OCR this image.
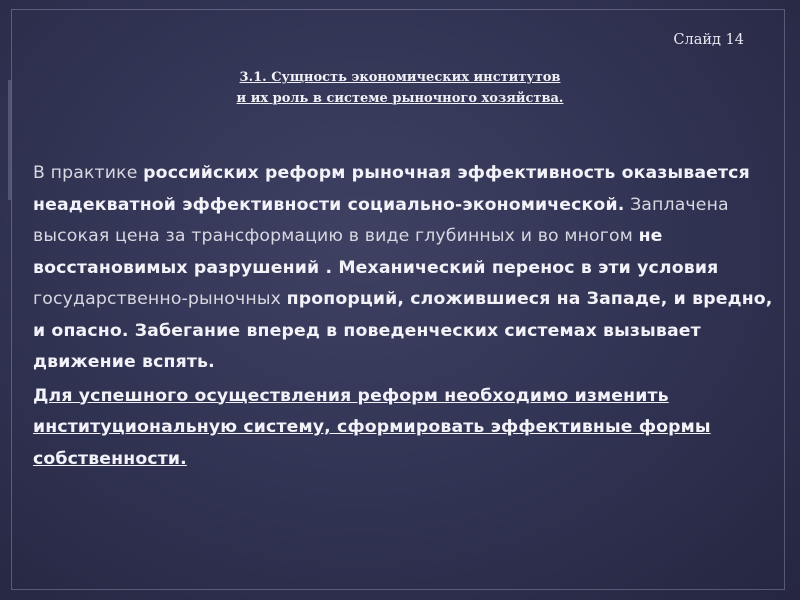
Слайд 14
3.1. Сущность экономических институтов
и их роль в системе рыночного хозяйства.

В практике российских реформ рыночная эффективность оказывается неадекватной эффективности социально-экономической. Заплачена высокая цена за трансформацию в виде глубинных и во многом не восстановимых разрушений . Механический перенос в эти условия государственно-рыночных пропорций, сложившиеся на Западе, и вредно, и опасно. Забегание вперед в поведенческих системах вызывает движение вспять.

Для успешного осуществления реформ необходимо изменить институциональную систему, сформировать эффективные формы собственности.
